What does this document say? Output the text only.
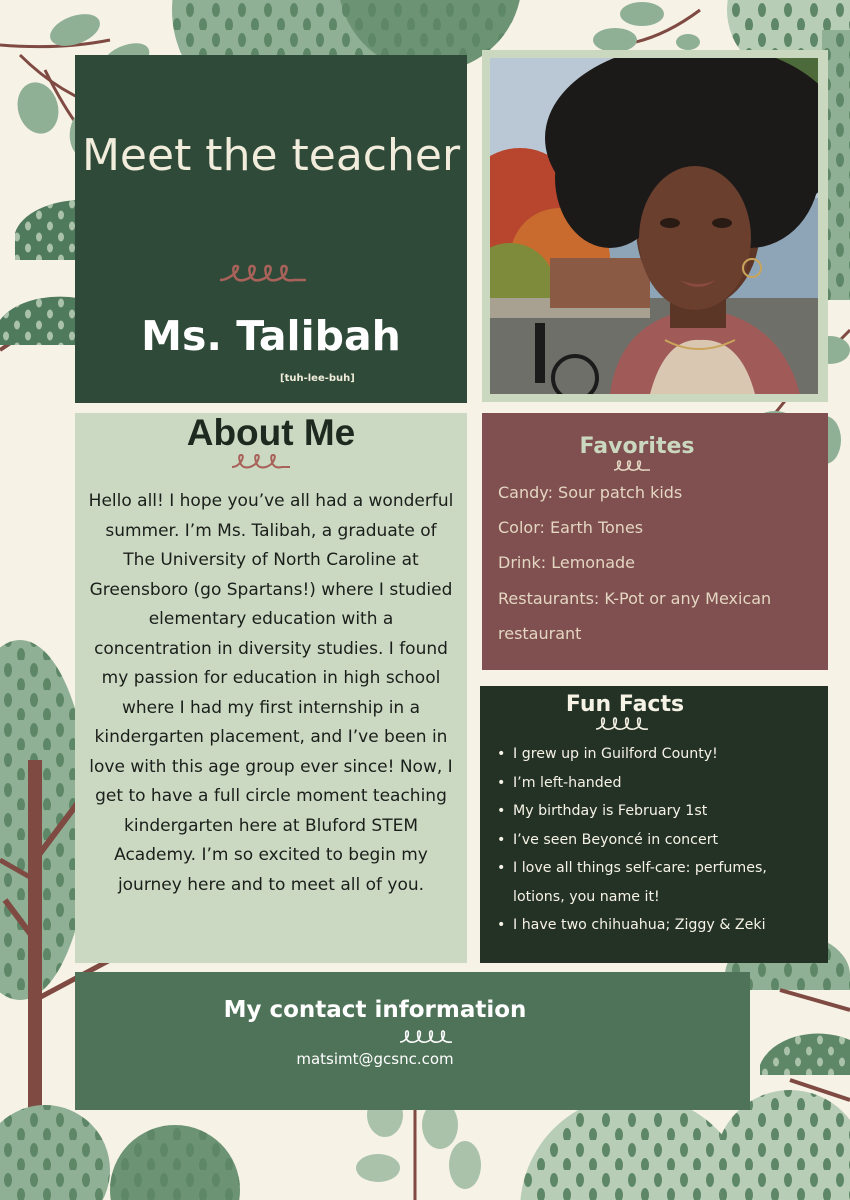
Meet the teacher
Ms. Talibah
[tuh-lee-buh]
About Me
Hello all! I hope you’ve all had a wonderful summer. I’m Ms. Talibah, a graduate of The University of North Caroline at Greensboro (go Spartans!) where I studied elementary education with a concentration in diversity studies. I found my passion for education in high school where I had my first internship in a kindergarten placement, and I’ve been in love with this age group ever since! Now, I get to have a full circle moment teaching kindergarten here at Bluford STEM Academy. I’m so excited to begin my journey here and to meet all of you.
Favorites
Candy: Sour patch kids
Color: Earth Tones
Drink: Lemonade
Restaurants: K-Pot or any Mexican
restaurant
Fun Facts
• I grew up in Guilford County!
• I’m left-handed
• My birthday is February 1st
• I’ve seen Beyoncé in concert
• I love all things self-care: perfumes, lotions, you name it!
• I have two chihuahua; Ziggy & Zeki
My contact information
matsimt@gcsnc.com
